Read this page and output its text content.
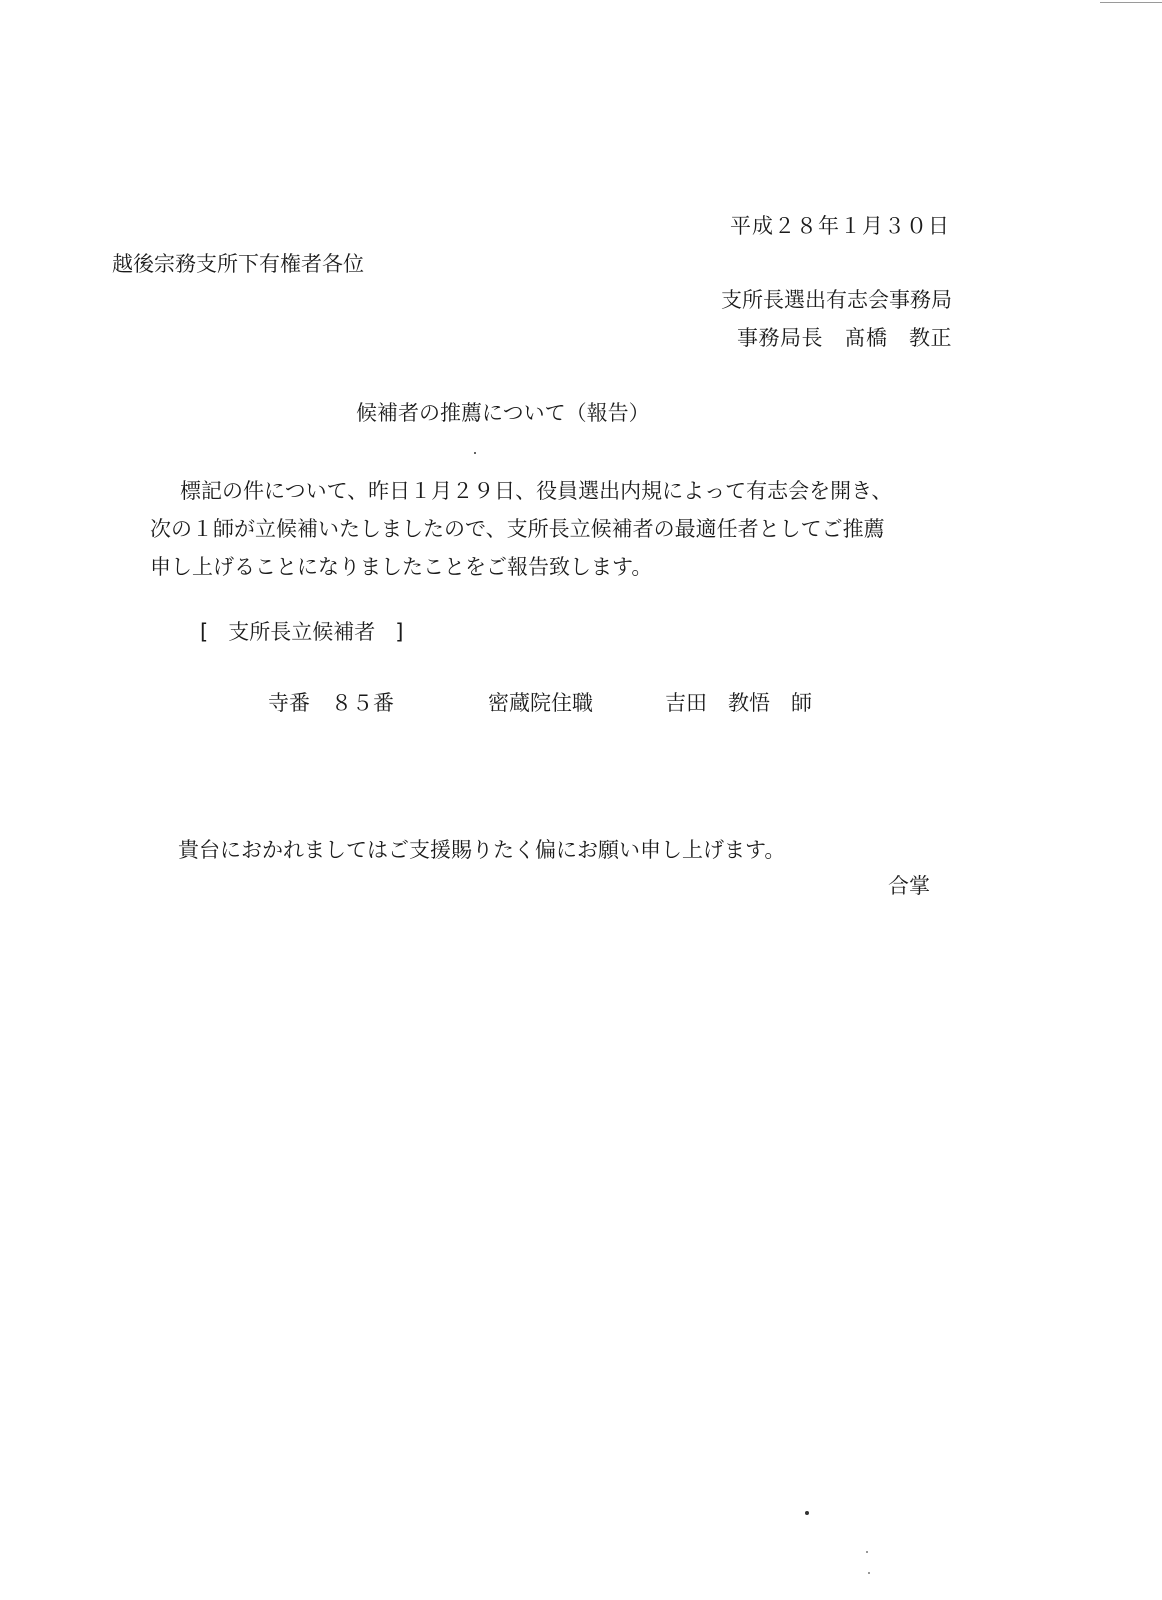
平成２８年１月３０日
越後宗務支所下有権者各位
支所長選出有志会事務局
事務局長　髙橋　教正
候補者の推薦について（報告）
標記の件について、昨日１月２９日、役員選出内規によって有志会を開き、
次の１師が立候補いたしましたので、支所長立候補者の最適任者としてご推薦
申し上げることになりましたことをご報告致します。
[ 支所長立候補者 ]
寺番　８５番	密蔵院住職	吉田　教悟　師
貴台におかれましてはご支援賜りたく偏にお願い申し上げます。
合掌
